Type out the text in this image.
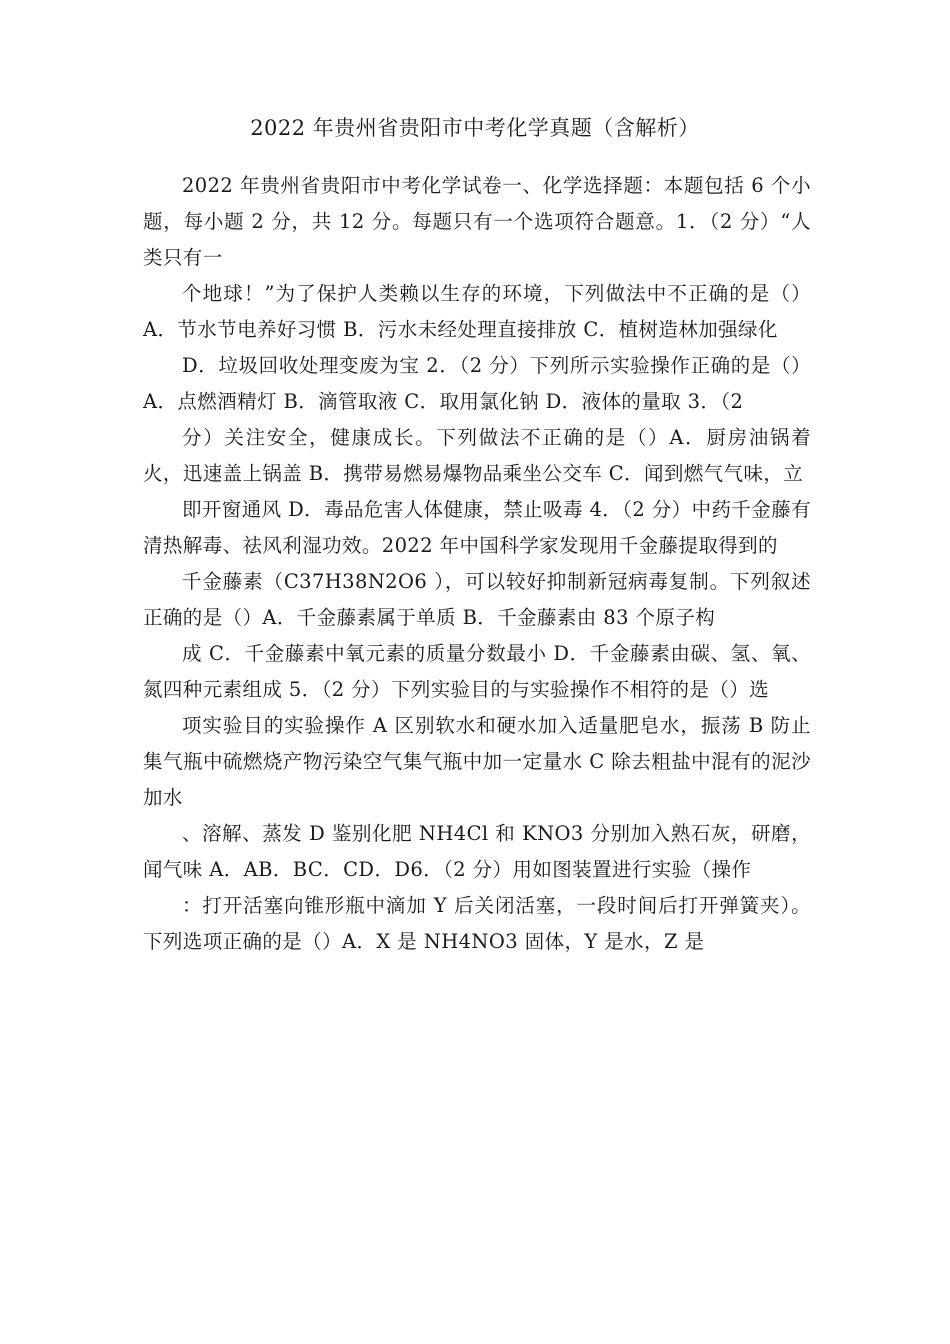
2022 年贵州省贵阳市中考化学真题（含解析）

2022 年贵州省贵阳市中考化学试卷一、化学选择题：本题包括 6 个小题，每小题 2 分，共 12 分。每题只有一个选项符合题意。1．（2 分）“人类只有一

个地球！”为了保护人类赖以生存的环境，下列做法中不正确的是（）A．节水节电养好习惯 B．污水未经处理直接排放 C．植树造林加强绿化

D．垃圾回收处理变废为宝 2．（2 分）下列所示实验操作正确的是（）A．点燃酒精灯 B．滴管取液 C．取用氯化钠 D．液体的量取 3．（2

分）关注安全，健康成长。下列做法不正确的是（）A．厨房油锅着火，迅速盖上锅盖 B．携带易燃易爆物品乘坐公交车 C．闻到燃气气味，立

即开窗通风 D．毒品危害人体健康，禁止吸毒 4．（2 分）中药千金藤有清热解毒、祛风利湿功效。2022 年中国科学家发现用千金藤提取得到的

千金藤素（C37H38N2O6 ），可以较好抑制新冠病毒复制。下列叙述正确的是（）A．千金藤素属于单质 B．千金藤素由 83 个原子构

成 C．千金藤素中氧元素的质量分数最小 D．千金藤素由碳、氢、氧、氮四种元素组成 5．（2 分）下列实验目的与实验操作不相符的是（）选

项实验目的实验操作 A 区别软水和硬水加入适量肥皂水，振荡 B 防止集气瓶中硫燃烧产物污染空气集气瓶中加一定量水 C 除去粗盐中混有的泥沙加水

、溶解、蒸发 D 鉴别化肥 NH4Cl 和 KNO3 分别加入熟石灰，研磨，闻气味 A．AB．BC．CD．D6．（2 分）用如图装置进行实验（操作

：打开活塞向锥形瓶中滴加 Y 后关闭活塞，一段时间后打开弹簧夹）。下列选项正确的是（）A．X 是 NH4NO3 固体，Y 是水，Z 是
